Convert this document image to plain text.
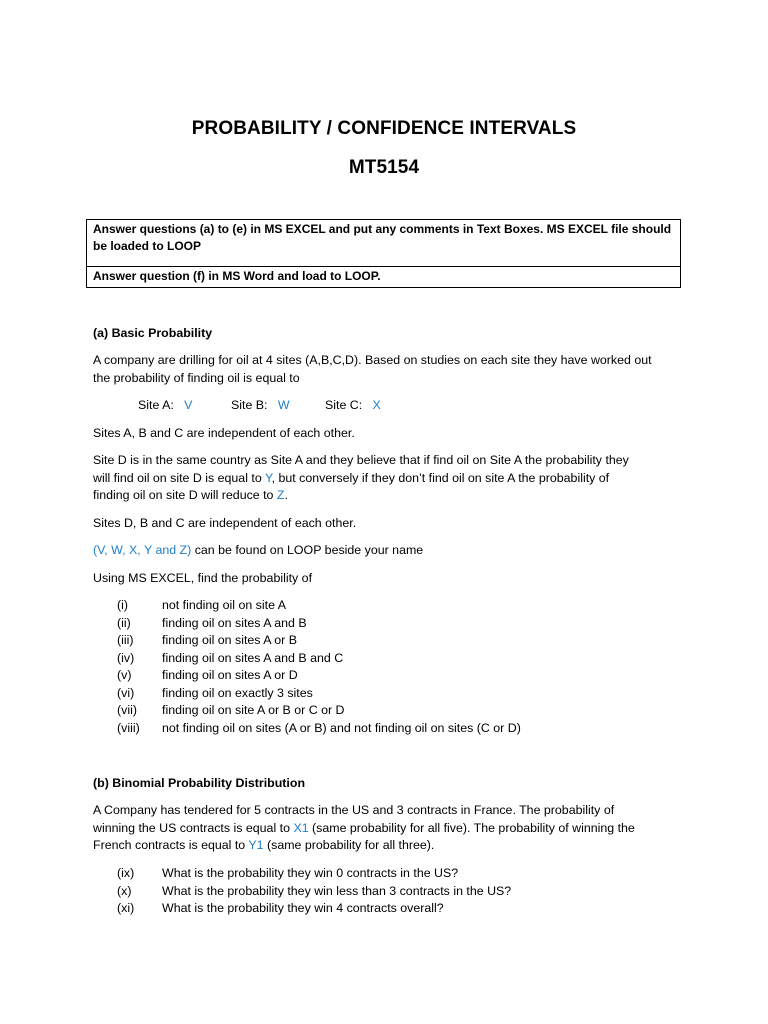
PROBABILITY / CONFIDENCE INTERVALS
MT5154
Answer questions (a) to (e) in MS EXCEL and put any comments in Text Boxes. MS EXCEL file should be loaded to LOOP
Answer question (f) in MS Word and load to LOOP.
(a) Basic Probability
A company are drilling for oil at 4 sites (A,B,C,D). Based on studies on each site they have worked out
the probability of finding oil is equal to
Site A: V	Site B: W	Site C: X
Sites A, B and C are independent of each other.
Site D is in the same country as Site A and they believe that if find oil on Site A the probability they
will find oil on site D is equal to Y, but conversely if they don’t find oil on site A the probability of
finding oil on site D will reduce to Z.
Sites D, B and C are independent of each other.
(V, W, X, Y and Z) can be found on LOOP beside your name
Using MS EXCEL, find the probability of
(i)	not finding oil on site A
(ii)	finding oil on sites A and B
(iii) finding oil on sites A or B
(iv) finding oil on sites A and B and C
(v) finding oil on sites A or D
(vi) finding oil on exactly 3 sites
(vii) finding oil on site A or B or C or D
(viii) not finding oil on sites (A or B) and not finding oil on sites (C or D)
(b) Binomial Probability Distribution
A Company has tendered for 5 contracts in the US and 3 contracts in France. The probability of
winning the US contracts is equal to X1 (same probability for all five). The probability of winning the
French contracts is equal to Y1 (same probability for all three).
(ix) What is the probability they win 0 contracts in the US?
(x) What is the probability they win less than 3 contracts in the US?
(xi) What is the probability they win 4 contracts overall?
